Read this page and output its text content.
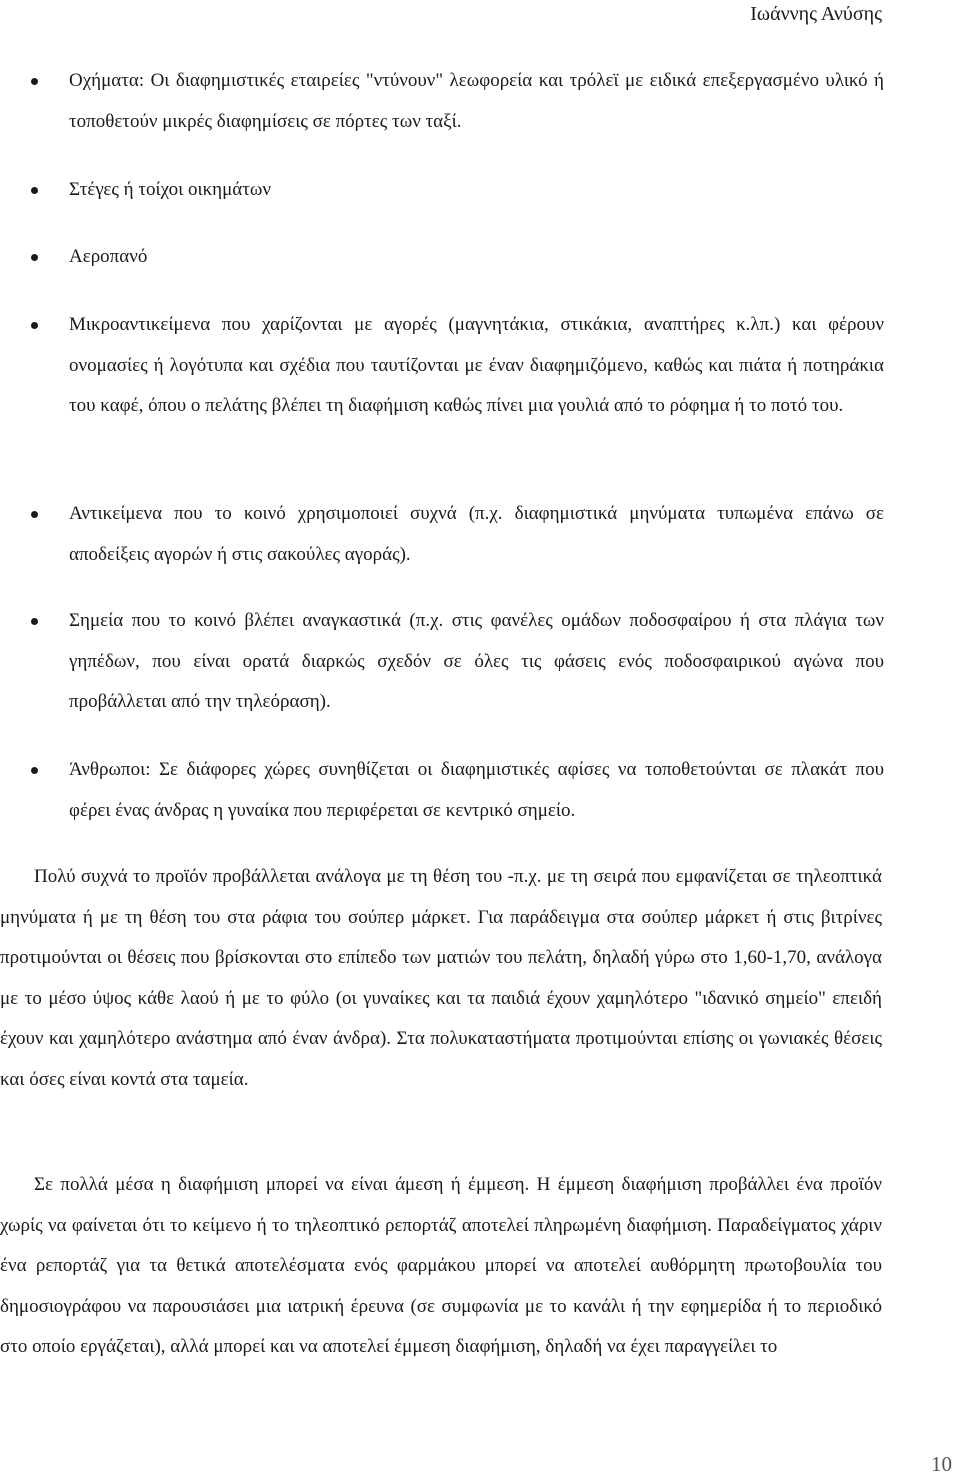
Ιωάννης Ανύσης
Οχήματα: Οι διαφημιστικές εταιρείες "ντύνουν" λεωφορεία και τρόλεϊ με ειδικά επεξεργασμένο υλικό ή τοποθετούν μικρές διαφημίσεις σε πόρτες των ταξί.
Στέγες ή τοίχοι οικημάτων
Αεροπανό
Μικροαντικείμενα που χαρίζονται με αγορές (μαγνητάκια, στικάκια, αναπτήρες κ.λπ.) και φέρουν ονομασίες ή λογότυπα και σχέδια που ταυτίζονται με έναν διαφημιζόμενο, καθώς και πιάτα ή ποτηράκια του καφέ, όπου ο πελάτης βλέπει τη διαφήμιση καθώς πίνει μια γουλιά από το ρόφημα ή το ποτό του.
Αντικείμενα που το κοινό χρησιμοποιεί συχνά (π.χ. διαφημιστικά μηνύματα τυπωμένα επάνω σε αποδείξεις αγορών ή στις σακούλες αγοράς).
Σημεία που το κοινό βλέπει αναγκαστικά (π.χ. στις φανέλες ομάδων ποδοσφαίρου ή στα πλάγια των γηπέδων, που είναι ορατά διαρκώς σχεδόν σε όλες τις φάσεις ενός ποδοσφαιρικού αγώνα που προβάλλεται από την τηλεόραση).
Άνθρωποι: Σε διάφορες χώρες συνηθίζεται οι διαφημιστικές αφίσες να τοποθετούνται σε πλακάτ που φέρει ένας άνδρας η γυναίκα που περιφέρεται σε κεντρικό σημείο.

Πολύ συχνά το προϊόν προβάλλεται ανάλογα με τη θέση του -π.χ. με τη σειρά που εμφανίζεται σε τηλεοπτικά μηνύματα ή με τη θέση του στα ράφια του σούπερ μάρκετ. Για παράδειγμα στα σούπερ μάρκετ ή στις βιτρίνες προτιμούνται οι θέσεις που βρίσκονται στο επίπεδο των ματιών του πελάτη, δηλαδή γύρω στο 1,60-1,70, ανάλογα με το μέσο ύψος κάθε λαού ή με το φύλο (οι γυναίκες και τα παιδιά έχουν χαμηλότερο "ιδανικό σημείο" επειδή έχουν και χαμηλότερο ανάστημα από έναν άνδρα). Στα πολυκαταστήματα προτιμούνται επίσης οι γωνιακές θέσεις και όσες είναι κοντά στα ταμεία.

Σε πολλά μέσα η διαφήμιση μπορεί να είναι άμεση ή έμμεση. Η έμμεση διαφήμιση προβάλλει ένα προϊόν χωρίς να φαίνεται ότι το κείμενο ή το τηλεοπτικό ρεπορτάζ αποτελεί πληρωμένη διαφήμιση. Παραδείγματος χάριν ένα ρεπορτάζ για τα θετικά αποτελέσματα ενός φαρμάκου μπορεί να αποτελεί αυθόρμητη πρωτοβουλία του δημοσιογράφου να παρουσιάσει μια ιατρική έρευνα (σε συμφωνία με το κανάλι ή την εφημερίδα ή το περιοδικό στο οποίο εργάζεται), αλλά μπορεί και να αποτελεί έμμεση διαφήμιση, δηλαδή να έχει παραγγείλει το

10
